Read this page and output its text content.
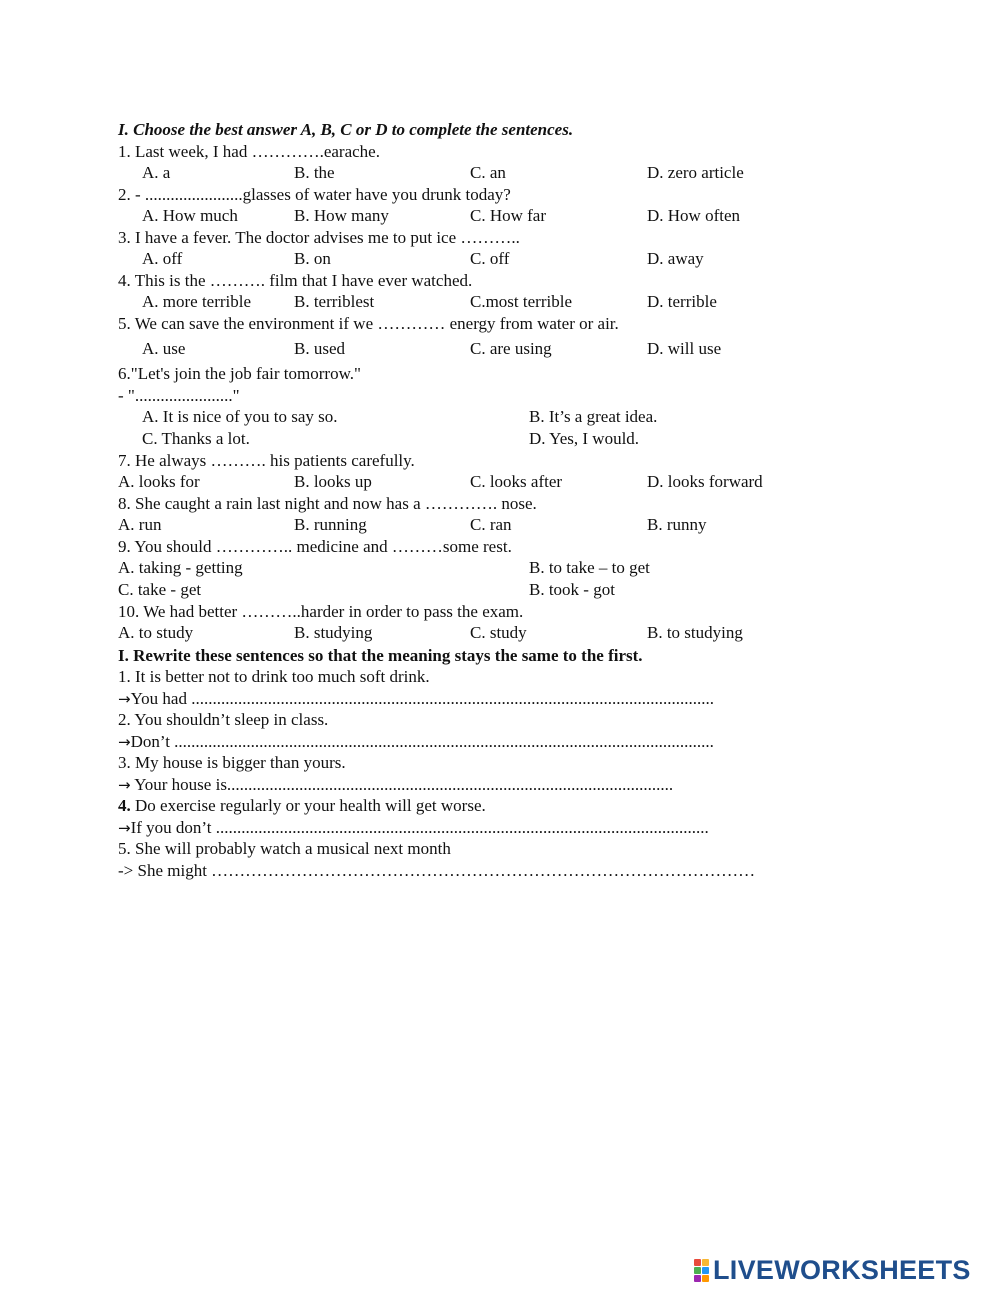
I. Choose the best answer A, B, C or D to complete the sentences.
1. Last week, I had ………….earache.
A. a	B. the	C. an	D. zero article
2. - .......................glasses of water have you drunk today?
A. How much	B. How many	C. How far	D. How often
3. I have a fever. The doctor advises me to put ice ………..
A. off	B. on	C. off	D. away
4. This is the ………. film that I have ever watched.
A. more terrible	B. terriblest	C.most terrible	D. terrible
5. We can save the environment if we ………… energy from water or air.
A. use	B. used	C. are using	D. will use
6."Let's join the job fair tomorrow."
- "......................."
A. It is nice of you to say so.	B. It’s a great idea.
C. Thanks a lot.	D. Yes, I would.
7. He always ………. his patients carefully.
A. looks for	B. looks up	C. looks after	D. looks forward
8. She caught a rain last night and now has a …………. nose.
A. run	B. running	C. ran	B. runny
9. You should ………….. medicine and ………some rest.
A. taking - getting	B. to take – to get
C. take - get	B. took - got
10. We had better ………..harder in order to pass the exam.
A. to study	B. studying	C. study	B. to studying
I. Rewrite these sentences so that the meaning stays the same to the first.
1. It is better not to drink too much soft drink.
→You had ...........................................................................................................................
2. You shouldn’t sleep in class.
→Don’t ...............................................................................................................................
3. My house is bigger than yours.
→ Your house is.........................................................................................................
4. Do exercise regularly or your health will get worse.
→If you don’t ....................................................................................................................
5. She will probably watch a musical next month
-> She might ……………………………………………………………………………………
LIVEWORKSHEETS
